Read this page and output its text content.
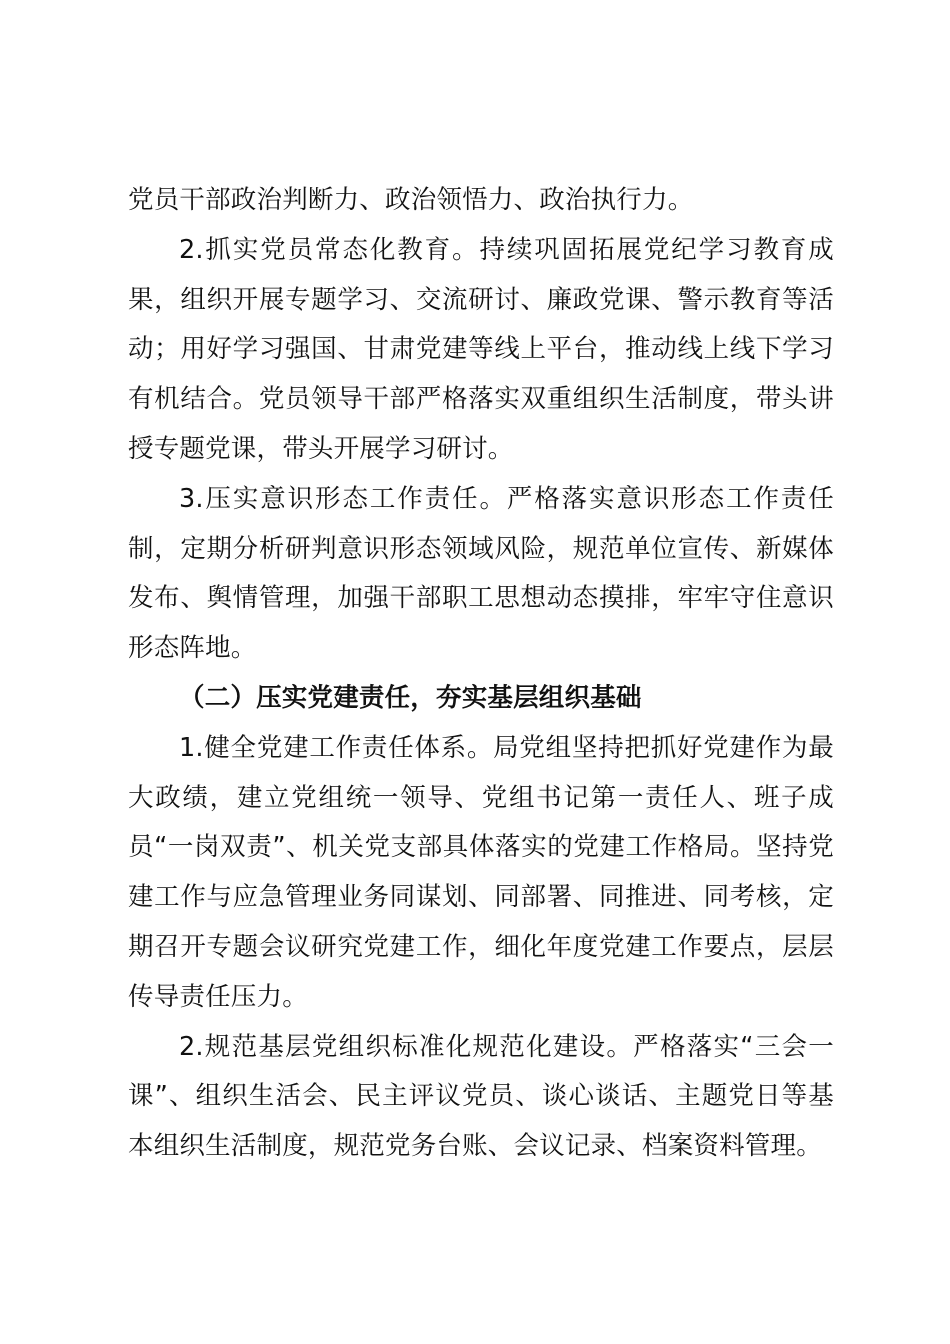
党员干部政治判断力、政治领悟力、政治执行力。

2.抓实党员常态化教育。持续巩固拓展党纪学习教育成果，组织开展专题学习、交流研讨、廉政党课、警示教育等活动；用好学习强国、甘肃党建等线上平台，推动线上线下学习有机结合。党员领导干部严格落实双重组织生活制度，带头讲授专题党课，带头开展学习研讨。

3.压实意识形态工作责任。严格落实意识形态工作责任制，定期分析研判意识形态领域风险，规范单位宣传、新媒体发布、舆情管理，加强干部职工思想动态摸排，牢牢守住意识形态阵地。

（二）压实党建责任，夯实基层组织基础

1.健全党建工作责任体系。局党组坚持把抓好党建作为最大政绩，建立党组统一领导、党组书记第一责任人、班子成员“一岗双责”、机关党支部具体落实的党建工作格局。坚持党建工作与应急管理业务同谋划、同部署、同推进、同考核，定期召开专题会议研究党建工作，细化年度党建工作要点，层层传导责任压力。

2.规范基层党组织标准化规范化建设。严格落实“三会一课”、组织生活会、民主评议党员、谈心谈话、主题党日等基本组织生活制度，规范党务台账、会议记录、档案资料管理。
